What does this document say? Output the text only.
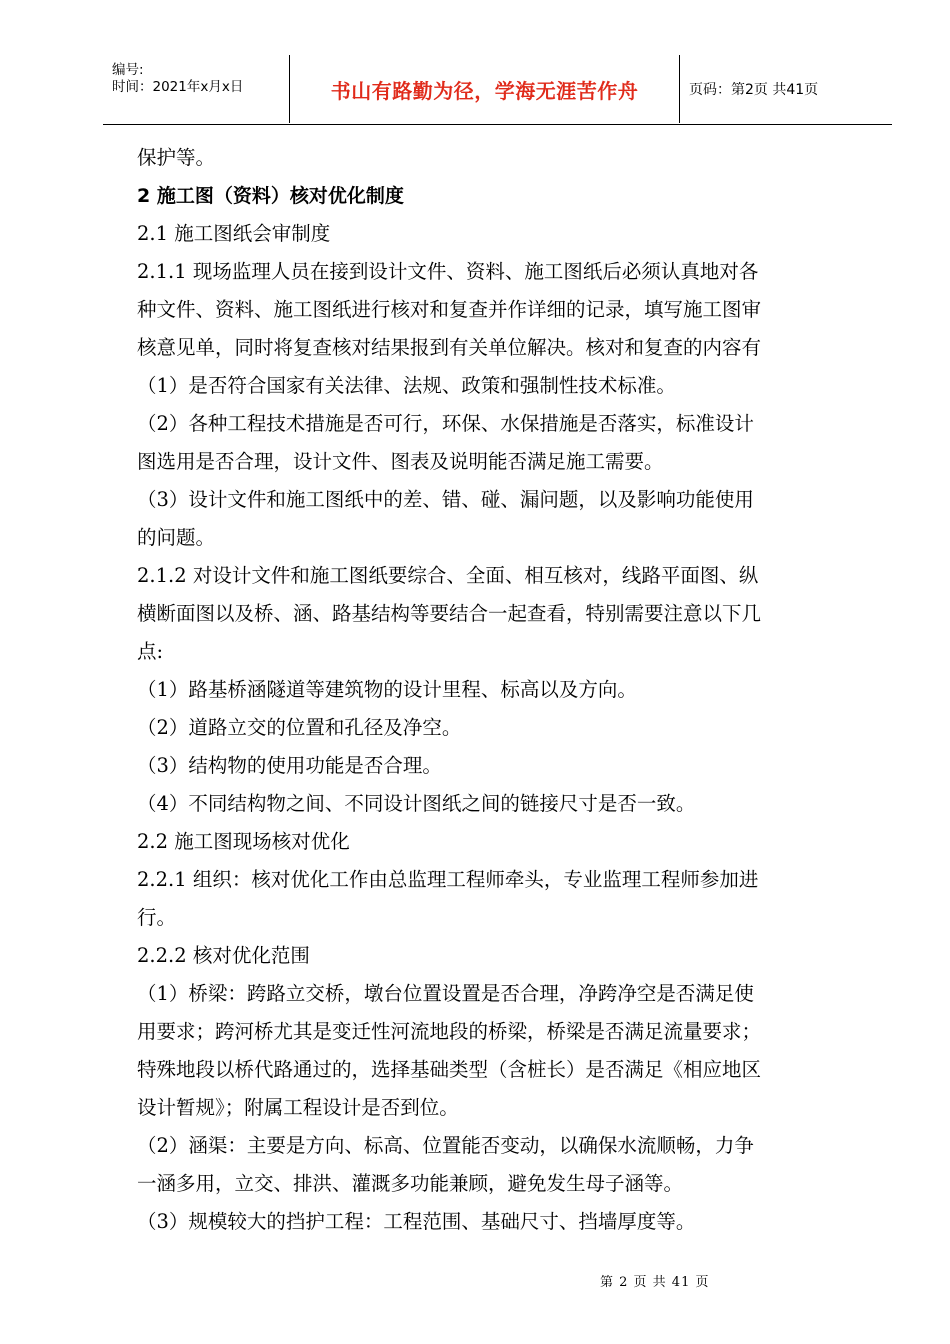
编号:
时间：2021年x月x日	书山有路勤为径，学海无涯苦作舟	页码：第2页 共41页
保护等。
2 施工图（资料）核对优化制度
2.1 施工图纸会审制度
2.1.1 现场监理人员在接到设计文件、资料、施工图纸后必须认真地对各
种文件、资料、施工图纸进行核对和复查并作详细的记录，填写施工图审
核意见单，同时将复查核对结果报到有关单位解决。核对和复查的内容有
（1）是否符合国家有关法律、法规、政策和强制性技术标准。
（2）各种工程技术措施是否可行，环保、水保措施是否落实，标准设计
图选用是否合理，设计文件、图表及说明能否满足施工需要。
（3）设计文件和施工图纸中的差、错、碰、漏问题，以及影响功能使用
的问题。
2.1.2 对设计文件和施工图纸要综合、全面、相互核对，线路平面图、纵
横断面图以及桥、涵、路基结构等要结合一起查看，特别需要注意以下几
点:
（1）路基桥涵隧道等建筑物的设计里程、标高以及方向。
（2）道路立交的位置和孔径及净空。
（3）结构物的使用功能是否合理。
（4）不同结构物之间、不同设计图纸之间的链接尺寸是否一致。
2.2 施工图现场核对优化
2.2.1 组织：核对优化工作由总监理工程师牵头，专业监理工程师参加进
行。
2.2.2 核对优化范围
（1）桥梁：跨路立交桥，墩台位置设置是否合理，净跨净空是否满足使
用要求；跨河桥尤其是变迁性河流地段的桥梁，桥梁是否满足流量要求；
特殊地段以桥代路通过的，选择基础类型（含桩长）是否满足《相应地区
设计暂规》；附属工程设计是否到位。
（2）涵渠：主要是方向、标高、位置能否变动，以确保水流顺畅，力争
一涵多用，立交、排洪、灌溉多功能兼顾，避免发生母子涵等。
（3）规模较大的挡护工程：工程范围、基础尺寸、挡墙厚度等。
第 2 页 共 41 页
